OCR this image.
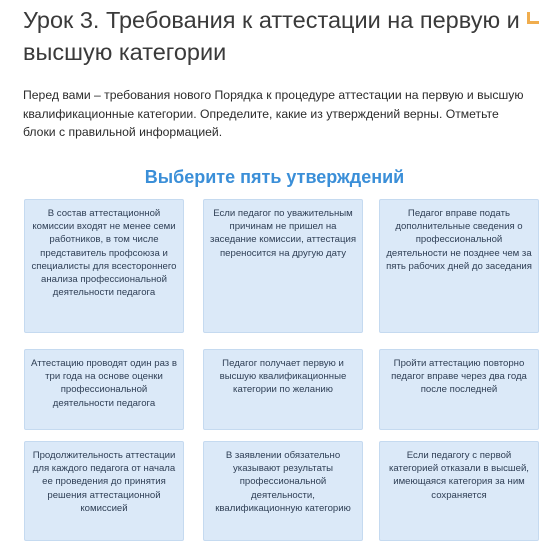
Урок 3. Требования к аттестации на первую и высшую категории

Перед вами – требования нового Порядка к процедуре аттестации на первую и высшую квалификационные категории. Определите, какие из утверждений верны. Отметьте блоки с правильной информацией.

Выберите пять утверждений
В состав аттестационной комиссии входят не менее семи работников, в том числе представитель профсоюза и специалисты для всестороннего анализа профессиональной деятельности педагога
Если педагог по уважительным причинам не пришел на заседание комиссии, аттестация переносится на другую дату
Педагог вправе подать дополнительные сведения о профессиональной деятельности не позднее чем за пять рабочих дней до заседания
Аттестацию проводят один раз в три года на основе оценки профессиональной деятельности педагога
Педагог получает первую и высшую квалификационные категории по желанию
Пройти аттестацию повторно педагог вправе через два года после последней
Продолжительность аттестации для каждого педагога от начала ее проведения до принятия решения аттестационной комиссией
В заявлении обязательно указывают результаты профессиональной деятельности, квалификационную категорию
Если педагогу с первой категорией отказали в высшей, имеющаяся категория за ним сохраняется
